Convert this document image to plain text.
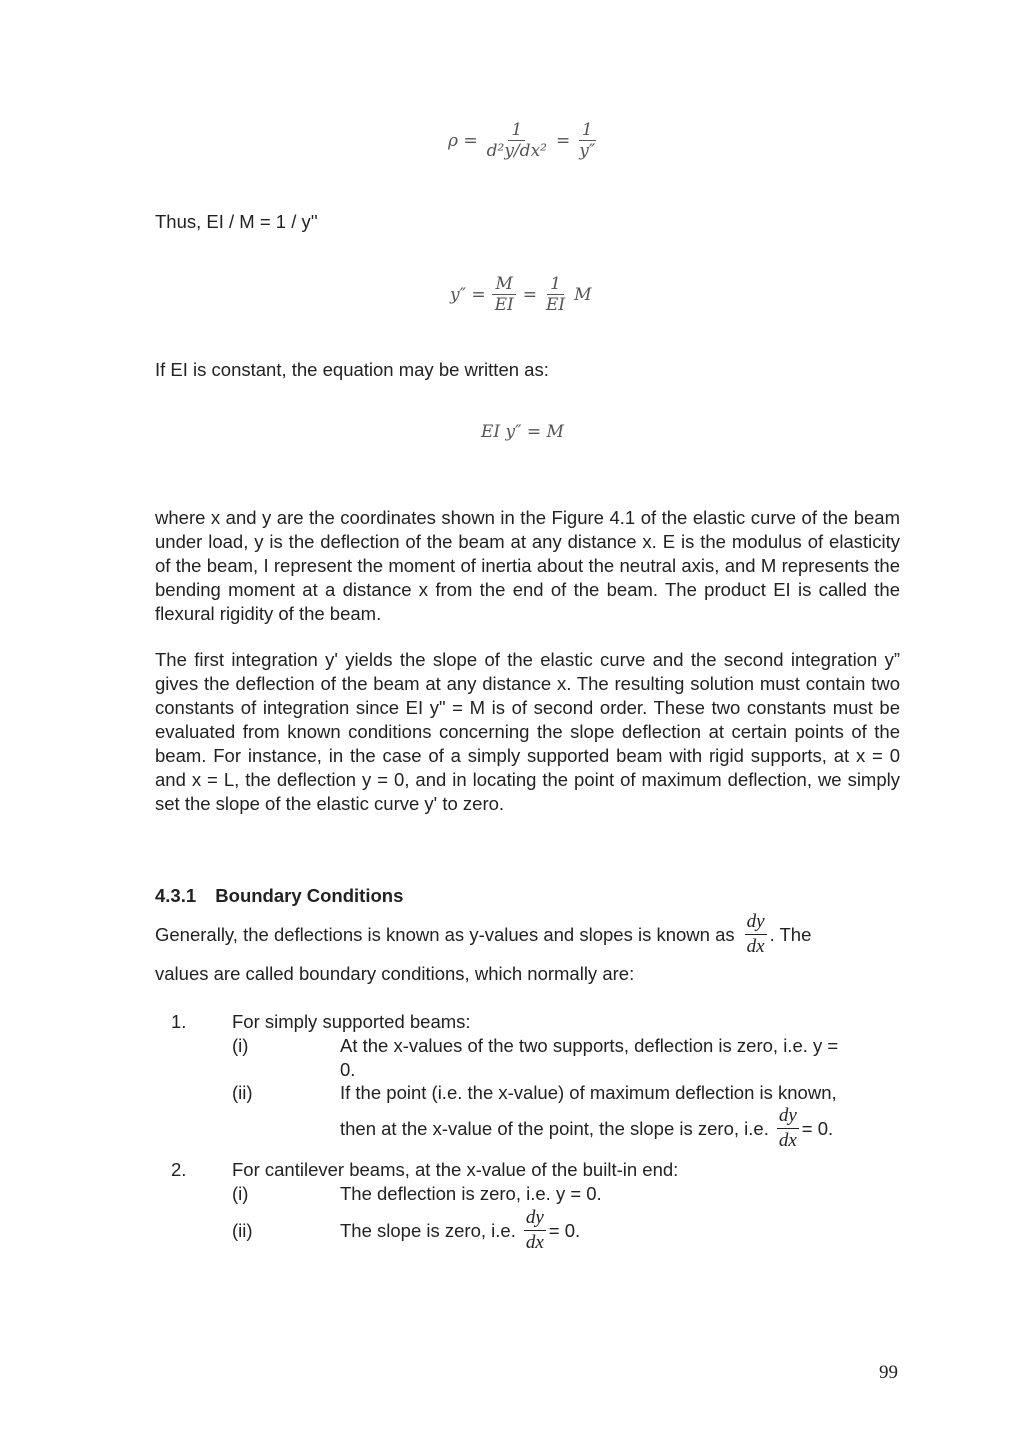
$\rho = \frac{1}{\text{d²y/dx²}} = \frac{1}{y''}$
Thus, EI / M = 1 / y''
$y'' = \frac{M}{EI} = \frac{1}{EI}$ M
If EI is constant, the equation may be written as:
EI y″ = M
where x and y are the coordinates shown in the Figure 4.1 of the elastic curve of the beam under load, y is the deflection of the beam at any distance x. E is the modulus of elasticity of the beam, I represent the moment of inertia about the neutral axis, and M represents the bending moment at a distance x from the end of the beam. The product EI is called the flexural rigidity of the beam.
The first integration y' yields the slope of the elastic curve and the second integration y” gives the deflection of the beam at any distance x. The resulting solution must contain two constants of integration since EI y" = M is of second order. These two constants must be evaluated from known conditions concerning the slope deflection at certain points of the beam. For instance, in the case of a simply supported beam with rigid supports, at x = 0 and x = L, the deflection y = 0, and in locating the point of maximum deflection, we simply set the slope of the elastic curve y' to zero.
4.3.1 Boundary Conditions
Generally, the deflections is known as y-values and slopes is known as $\frac{dy}{dx}$ . The
values are called boundary conditions, which normally are:
1. For simply supported beams:
(i)	At the x-values of the two supports, deflection is zero, i.e. y =
0.
(ii)	If the point (i.e. the x-value) of maximum deflection is known,
then at the x-value of the point, the slope is zero, i.e. $\frac{dy}{dx} = 0$.
2. For cantilever beams, at the x-value of the built-in end:
(i)	The deflection is zero, i.e. y = 0.
(ii)	The slope is zero, i.e. $\frac{dy}{dx} = 0$.
99
